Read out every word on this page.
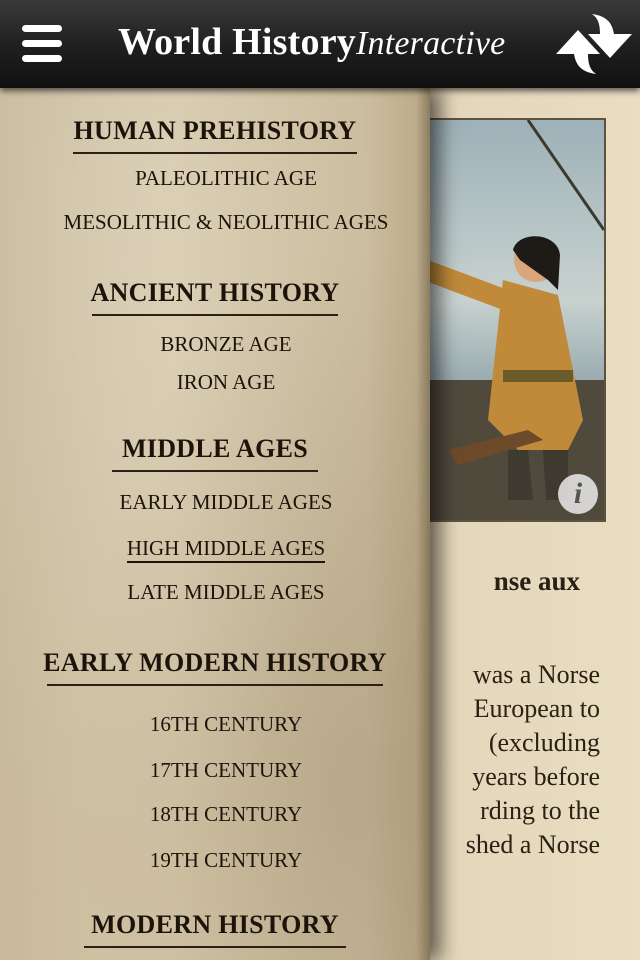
World HistoryInteractive
i
nse aux
was a Norse
European to
(excluding
years before
rding to the
shed a Norse
HUMAN PREHISTORY
PALEOLITHIC AGE
MESOLITHIC & NEOLITHIC AGES
ANCIENT HISTORY
BRONZE AGE
IRON AGE
MIDDLE AGES
EARLY MIDDLE AGES
HIGH MIDDLE AGES
LATE MIDDLE AGES
EARLY MODERN HISTORY
16TH CENTURY
17TH CENTURY
18TH CENTURY
19TH CENTURY
MODERN HISTORY
